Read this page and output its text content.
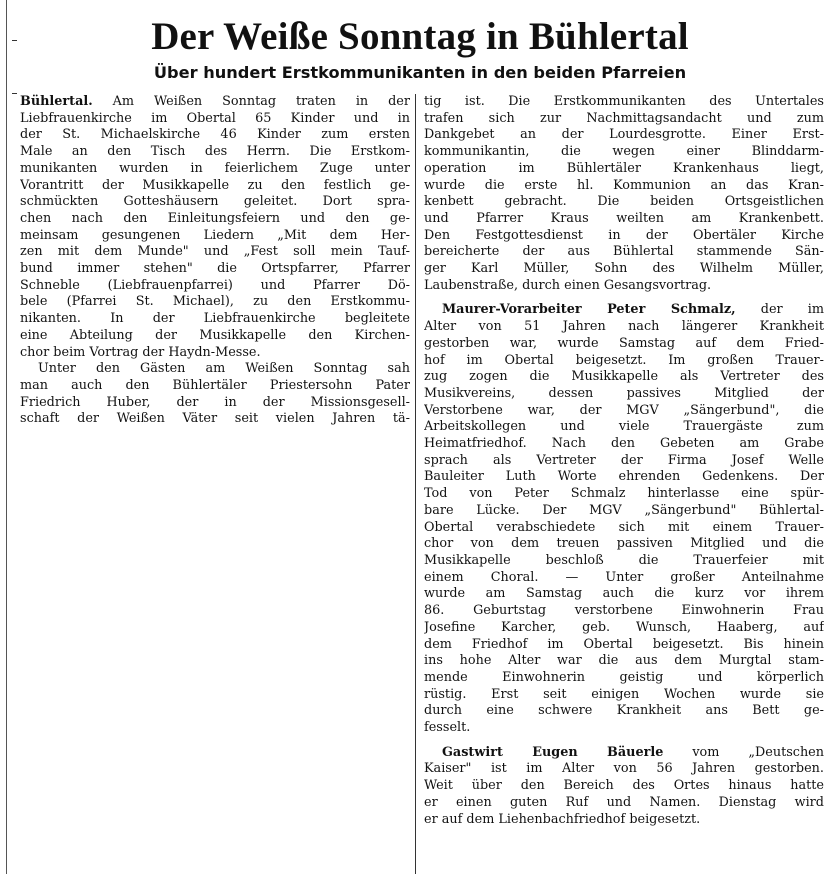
Der Weiße Sonntag in Bühlertal
Über hundert Erstkommunikanten in den beiden Pfarreien

Bühlertal. Am Weißen Sonntag traten in der
Liebfrauenkirche im Obertal 65 Kinder und in
der St. Michaelskirche 46 Kinder zum ersten
Male an den Tisch des Herrn. Die Erstkom-
munikanten wurden in feierlichem Zuge unter
Vorantritt der Musikkapelle zu den festlich ge-
schmückten Gotteshäusern geleitet. Dort spra-
chen nach den Einleitungsfeiern und den ge-
meinsam gesungenen Liedern „Mit dem Her-
zen mit dem Munde" und „Fest soll mein Tauf-
bund immer stehen" die Ortspfarrer, Pfarrer
Schneble (Liebfrauenpfarrei) und Pfarrer Dö-
bele (Pfarrei St. Michael), zu den Erstkommu-
nikanten. In der Liebfrauenkirche begleitete
eine Abteilung der Musikkapelle den Kirchen-
chor beim Vortrag der Haydn-Messe.
Unter den Gästen am Weißen Sonntag sah
man auch den Bühlertäler Priestersohn Pater
Friedrich Huber, der in der Missionsgesell-
schaft der Weißen Väter seit vielen Jahren tä-

tig ist. Die Erstkommunikanten des Untertales
trafen sich zur Nachmittagsandacht und zum
Dankgebet an der Lourdesgrotte. Einer Erst-
kommunikantin, die wegen einer Blinddarm-
operation im Bühlertäler Krankenhaus liegt,
wurde die erste hl. Kommunion an das Kran-
kenbett gebracht. Die beiden Ortsgeistlichen
und Pfarrer Kraus weilten am Krankenbett.
Den Festgottesdienst in der Obertäler Kirche
bereicherte der aus Bühlertal stammende Sän-
ger Karl Müller, Sohn des Wilhelm Müller,
Laubenstraße, durch einen Gesangsvortrag.

Maurer-Vorarbeiter Peter Schmalz, der im
Alter von 51 Jahren nach längerer Krankheit
gestorben war, wurde Samstag auf dem Fried-
hof im Obertal beigesetzt. Im großen Trauer-
zug zogen die Musikkapelle als Vertreter des
Musikvereins, dessen passives Mitglied der
Verstorbene war, der MGV „Sängerbund", die
Arbeitskollegen und viele Trauergäste zum
Heimatfriedhof. Nach den Gebeten am Grabe
sprach als Vertreter der Firma Josef Welle
Bauleiter Luth Worte ehrenden Gedenkens. Der
Tod von Peter Schmalz hinterlasse eine spür-
bare Lücke. Der MGV „Sängerbund" Bühlertal-
Obertal verabschiedete sich mit einem Trauer-
chor von dem treuen passiven Mitglied und die
Musikkapelle beschloß die Trauerfeier mit
einem Choral. — Unter großer Anteilnahme
wurde am Samstag auch die kurz vor ihrem
86. Geburtstag verstorbene Einwohnerin Frau
Josefine Karcher, geb. Wunsch, Haaberg, auf
dem Friedhof im Obertal beigesetzt. Bis hinein
ins hohe Alter war die aus dem Murgtal stam-
mende Einwohnerin geistig und körperlich
rüstig. Erst seit einigen Wochen wurde sie
durch eine schwere Krankheit ans Bett ge-
fesselt.

Gastwirt Eugen Bäuerle vom „Deutschen
Kaiser" ist im Alter von 56 Jahren gestorben.
Weit über den Bereich des Ortes hinaus hatte
er einen guten Ruf und Namen. Dienstag wird
er auf dem Liehenbachfriedhof beigesetzt.
